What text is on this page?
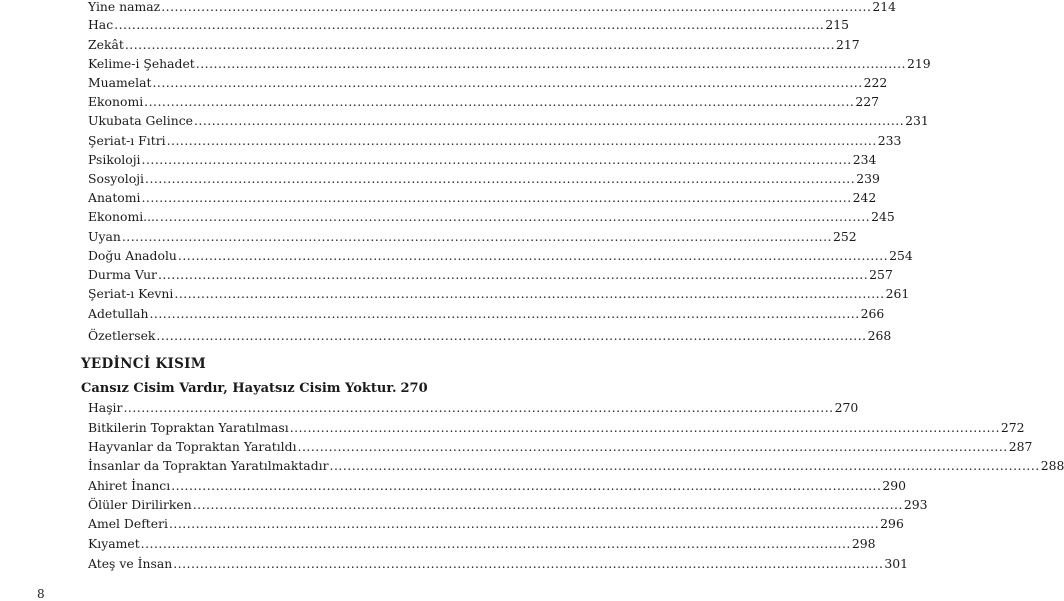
Yine namaz ................................................................................................................................................................ 214
Hac ................................................................................................................................................................ 215
Zekât ................................................................................................................................................................ 217
Kelime-i Şehadet ................................................................................................................................................................ 219
Muamelat ................................................................................................................................................................ 222
Ekonomi ................................................................................................................................................................ 227
Ukubata Gelince ................................................................................................................................................................ 231
Şeriat-ı Fıtri ................................................................................................................................................................ 233
Psikoloji ................................................................................................................................................................ 234
Sosyoloji ................................................................................................................................................................ 239
Anatomi ................................................................................................................................................................ 242
Ekonomi.... ................................................................................................................................................................ 245
Uyan ................................................................................................................................................................ 252
Doğu Anadolu ................................................................................................................................................................ 254
Durma Vur ................................................................................................................................................................ 257
Şeriat-ı Kevni ................................................................................................................................................................ 261
Adetullah ................................................................................................................................................................ 266
Özetlersek ................................................................................................................................................................ 268
YEDİNCİ KISIM
Cansız Cisim Vardır, Hayatsız Cisim Yoktur. 270
Haşir ................................................................................................................................................................ 270
Bitkilerin Topraktan Yaratılması ................................................................................................................................................................ 272
Hayvanlar da Topraktan Yaratıldı ................................................................................................................................................................ 287
İnsanlar da Topraktan Yaratılmaktadır ................................................................................................................................................................ 288
Ahiret İnancı ................................................................................................................................................................ 290
Ölüler Dirilirken ................................................................................................................................................................ 293
Amel Defteri ................................................................................................................................................................ 296
Kıyamet ................................................................................................................................................................ 298
Ateş ve İnsan ................................................................................................................................................................ 301
8
